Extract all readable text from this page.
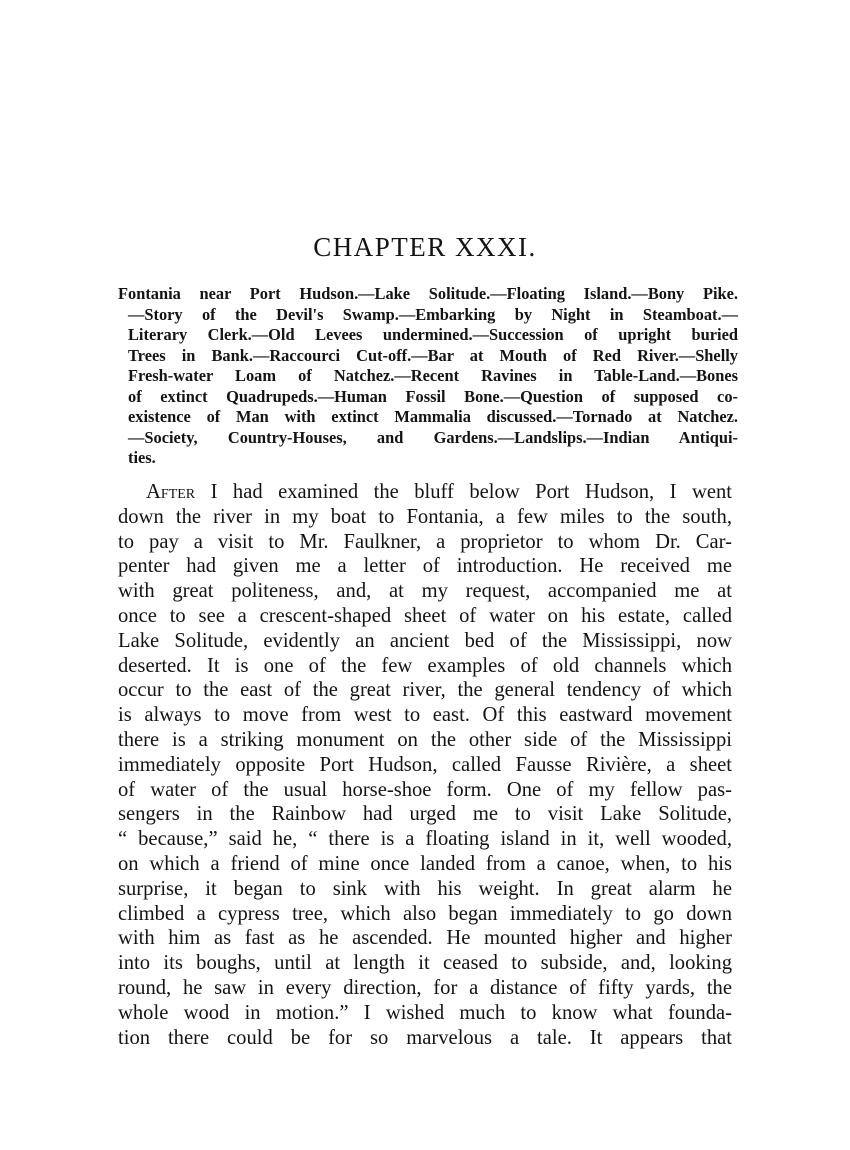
CHAPTER XXXI.
Fontania near Port Hudson.—Lake Solitude.—Floating Island.—Bony Pike.
—Story of the Devil's Swamp.—Embarking by Night in Steamboat.—
Literary Clerk.—Old Levees undermined.—Succession of upright buried
Trees in Bank.—Raccourci Cut-off.—Bar at Mouth of Red River.—Shelly
Fresh-water Loam of Natchez.—Recent Ravines in Table-Land.—Bones
of extinct Quadrupeds.—Human Fossil Bone.—Question of supposed co-
existence of Man with extinct Mammalia discussed.—Tornado at Natchez.
—Society, Country-Houses, and Gardens.—Landslips.—Indian Antiqui-
ties.
After I had examined the bluff below Port Hudson, I went
down the river in my boat to Fontania, a few miles to the south,
to pay a visit to Mr. Faulkner, a proprietor to whom Dr. Car-
penter had given me a letter of introduction. He received me
with great politeness, and, at my request, accompanied me at
once to see a crescent-shaped sheet of water on his estate, called
Lake Solitude, evidently an ancient bed of the Mississippi, now
deserted. It is one of the few examples of old channels which
occur to the east of the great river, the general tendency of which
is always to move from west to east. Of this eastward movement
there is a striking monument on the other side of the Mississippi
immediately opposite Port Hudson, called Fausse Rivière, a sheet
of water of the usual horse-shoe form. One of my fellow pas-
sengers in the Rainbow had urged me to visit Lake Solitude,
“ because,” said he, “ there is a floating island in it, well wooded,
on which a friend of mine once landed from a canoe, when, to his
surprise, it began to sink with his weight. In great alarm he
climbed a cypress tree, which also began immediately to go down
with him as fast as he ascended. He mounted higher and higher
into its boughs, until at length it ceased to subside, and, looking
round, he saw in every direction, for a distance of fifty yards, the
whole wood in motion.” I wished much to know what founda-
tion there could be for so marvelous a tale. It appears that
